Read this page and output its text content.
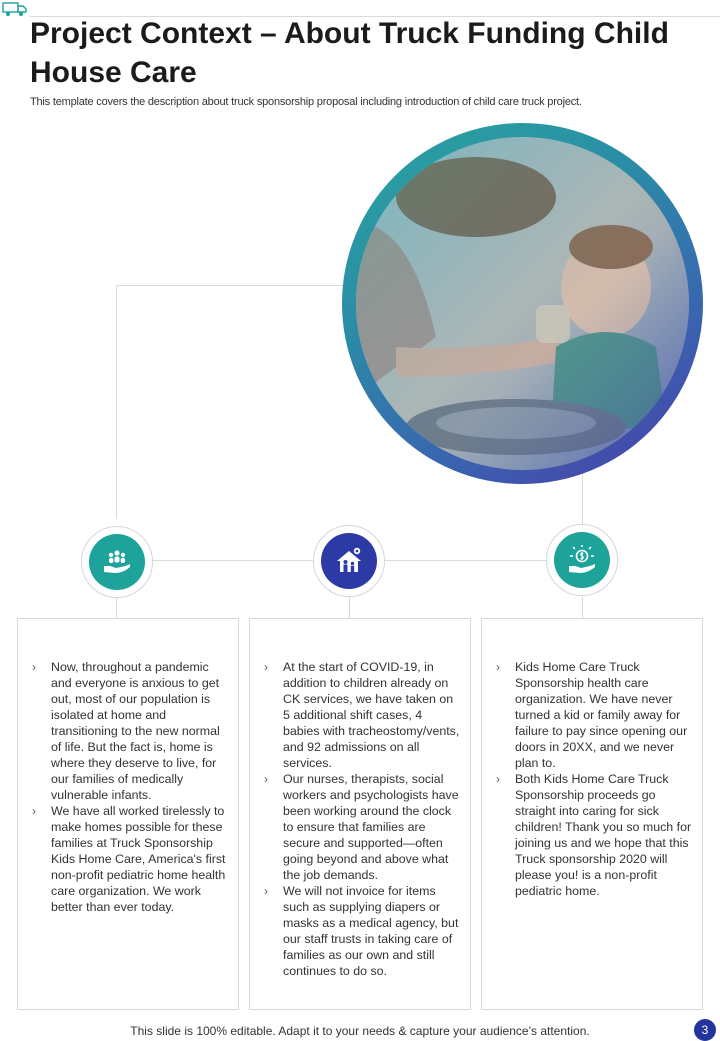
Project Context – About Truck Funding Child House Care
This template covers the description about truck sponsorship proposal including introduction of child care truck project.
› Now, throughout a pandemic and everyone is anxious to get out, most of our population is isolated at home and transitioning to the new normal of life. But the fact is, home is where they deserve to live, for our families of medically vulnerable infants.
› We have all worked tirelessly to make homes possible for these families at Truck Sponsorship Kids Home Care, America's first non-profit pediatric home health care organization. We work better than ever today.
› At the start of COVID-19, in addition to children already on CK services, we have taken on 5 additional shift cases, 4 babies with tracheostomy/vents, and 92 admissions on all services.
› Our nurses, therapists, social workers and psychologists have been working around the clock to ensure that families are secure and supported—often going beyond and above what the job demands.
› We will not invoice for items such as supplying diapers or masks as a medical agency, but our staff trusts in taking care of families as our own and still continues to do so.
› Kids Home Care Truck Sponsorship health care organization. We have never turned a kid or family away for failure to pay since opening our doors in 20XX, and we never plan to.
› Both Kids Home Care Truck Sponsorship proceeds go straight into caring for sick children! Thank you so much for joining us and we hope that this Truck sponsorship 2020 will please you! is a non-profit pediatric home.
This slide is 100% editable. Adapt it to your needs & capture your audience’s attention.	3
